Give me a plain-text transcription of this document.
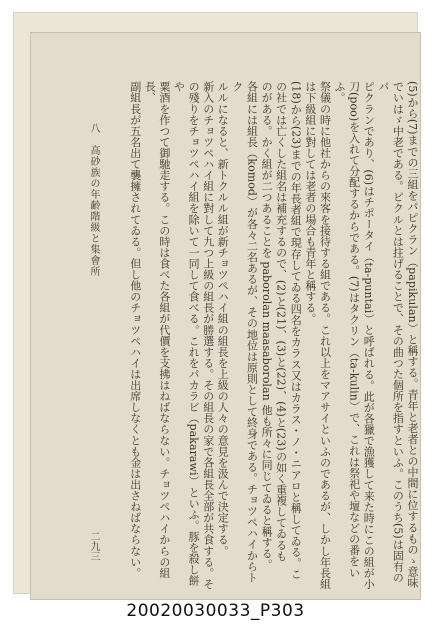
(5)から(7)までの三組をパピクラン（papikulan）と稱する。青年と老者との中間に位するものゝ意味
でいはゞ中老である。ピクルとは拄げることで、その曲つた個所を指すといふ。このうち(5)は固有のパ
ピクランであり、(6)はチポータイ（ta-puntai）と呼ばれる。此が各獵で漁獲して来た時にこの組が小
刀(poo)を入れて分配するからである。(7)はタクリン（ta-kulin）で、これは祭祀や壇などの番をいふ。
祭儀の時に他社からの來客を接待する組である。これ以上をマアサイといふのであるが、しかし年長組
は下級組に對しては老者の場合も青年と稱する。
(18)から(23)までの年長者組で現存してゐる四名をカラス又はカラス・ノ・ニアロと稱してゐる。こ
の社では亡くした組名は補充するので、(2)と(21)、(3)と(22)、(4)と(23)の如く重複してゐるも
のがある。かく組が二つあることを paborolan maasaborolan 他も所々に同じてゐると稱する。
各組には組長（komod）が各々二名あるが、その地位は原則として終身である。チョツペハイからトク
ルルになると、新トクルル組が新チョツペハイ組の組長を上級の人々の意見を汲んで決定する。
新入のチョツペハイ組に對して九つ上級の組長が勝選する。その組長の家で各組長全部が共食する。そ
の殘りをチョツペハイ組を除いて一同して食べる。これをパカラビ（pakarawi）といふ。豚を殺し餅や
粟酒を作つて御馳走する。この時は食べた各組が代價を支拂はねばならない。チョツペハイからの組長、
副組長が五名出て襲擁されてゐる。但し他のチョツペハイは出席しなくとも金は出さねばならない。
八　高砂族の年齢階級と集會所
二九三
20020030033_P303
